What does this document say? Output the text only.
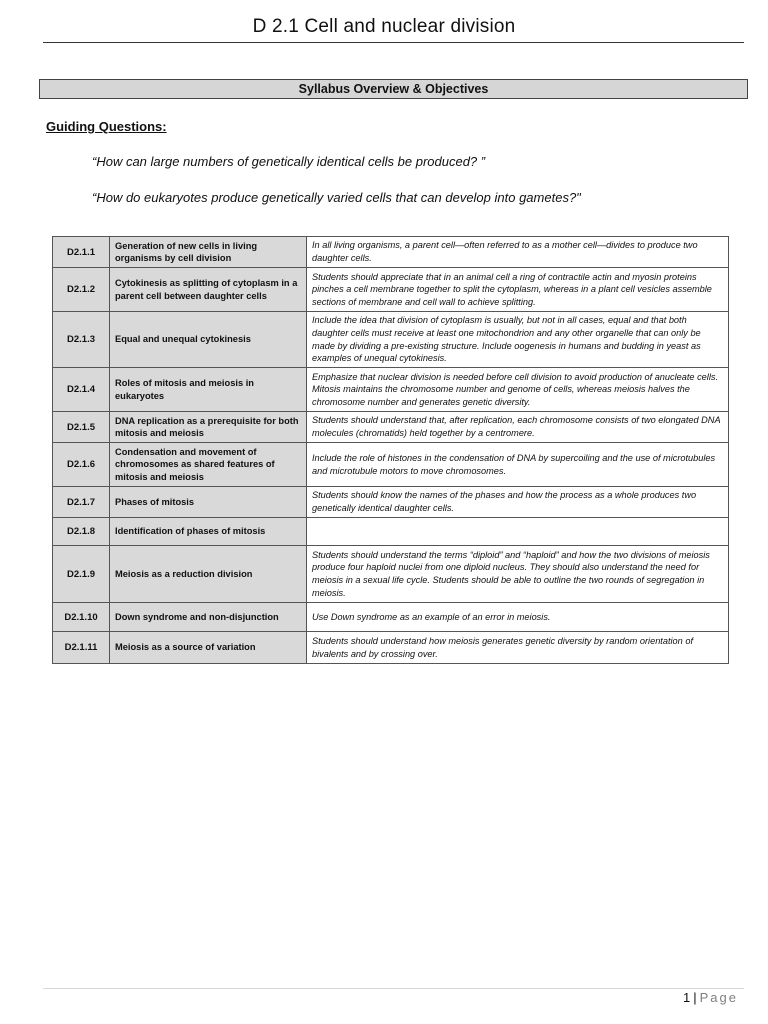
D 2.1 Cell and nuclear division
Syllabus Overview & Objectives
Guiding Questions:
“How can large numbers of genetically identical cells be produced? ”
“How do eukaryotes produce genetically varied cells that can develop into gametes?"
D2.1.1	Generation of new cells in living organisms by cell division	In all living organisms, a parent cell—often referred to as a mother cell—divides to produce two daughter cells.
D2.1.2	Cytokinesis as splitting of cytoplasm in a parent cell between daughter cells	Students should appreciate that in an animal cell a ring of contractile actin and myosin proteins pinches a cell membrane together to split the cytoplasm, whereas in a plant cell vesicles assemble sections of membrane and cell wall to achieve splitting.
D2.1.3	Equal and unequal cytokinesis	Include the idea that division of cytoplasm is usually, but not in all cases, equal and that both daughter cells must receive at least one mitochondrion and any other organelle that can only be made by dividing a pre-existing structure. Include oogenesis in humans and budding in yeast as examples of unequal cytokinesis.
D2.1.4	Roles of mitosis and meiosis in eukaryotes	Emphasize that nuclear division is needed before cell division to avoid production of anucleate cells. Mitosis maintains the chromosome number and genome of cells, whereas meiosis halves the chromosome number and generates genetic diversity.
D2.1.5	DNA replication as a prerequisite for both mitosis and meiosis	Students should understand that, after replication, each chromosome consists of two elongated DNA molecules (chromatids) held together by a centromere.
D2.1.6	Condensation and movement of chromosomes as shared features of mitosis and meiosis	Include the role of histones in the condensation of DNA by supercoiling and the use of microtubules and microtubule motors to move chromosomes.
D2.1.7	Phases of mitosis	Students should know the names of the phases and how the process as a whole produces two genetically identical daughter cells.
D2.1.8	Identification of phases of mitosis	
D2.1.9	Meiosis as a reduction division	Students should understand the terms “diploid” and “haploid” and how the two divisions of meiosis produce four haploid nuclei from one diploid nucleus. They should also understand the need for meiosis in a sexual life cycle. Students should be able to outline the two rounds of segregation in meiosis.
D2.1.10	Down syndrome and non-disjunction	Use Down syndrome as an example of an error in meiosis.
D2.1.11	Meiosis as a source of variation	Students should understand how meiosis generates genetic diversity by random orientation of bivalents and by crossing over.
1 | Page
